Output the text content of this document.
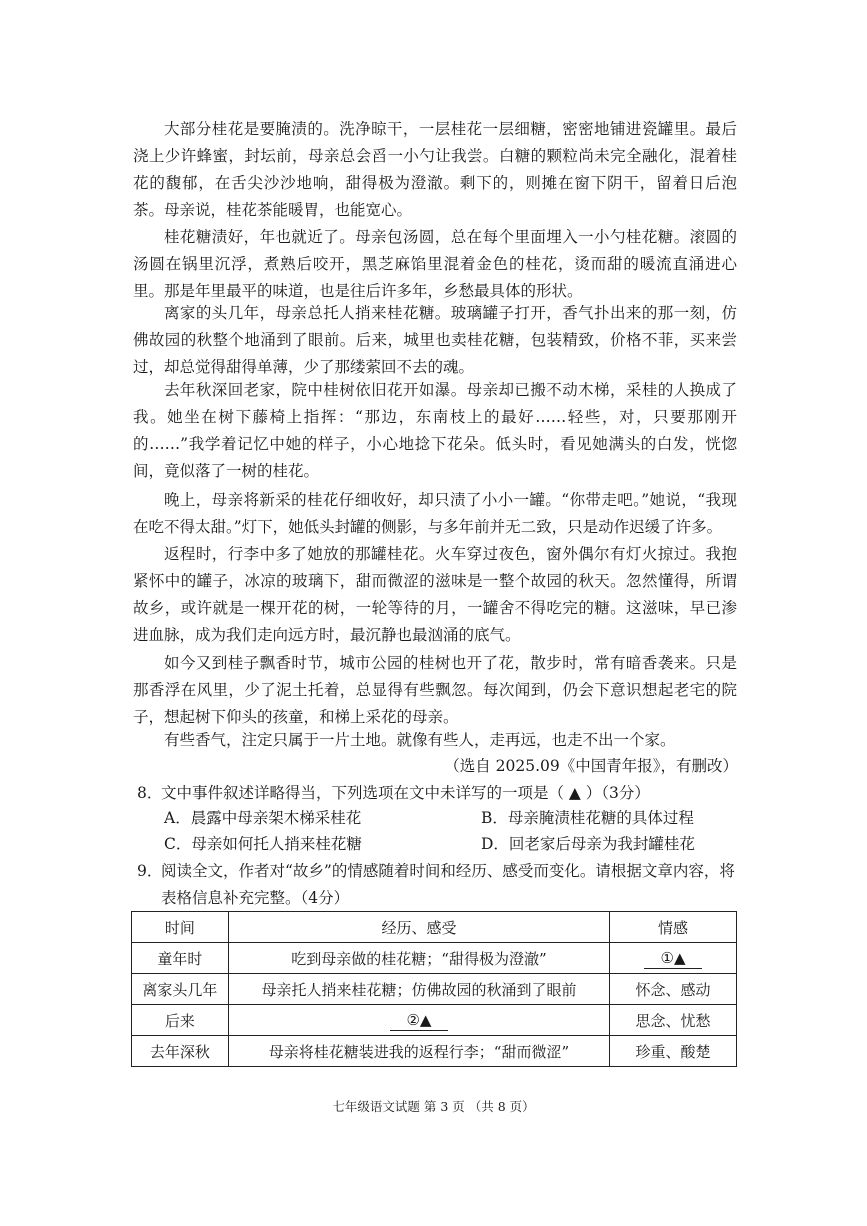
大部分桂花是要腌渍的。洗净晾干，一层桂花一层细糖，密密地铺进瓷罐里。最后浇上少许蜂蜜，封坛前，母亲总会舀一小勺让我尝。白糖的颗粒尚未完全融化，混着桂花的馥郁，在舌尖沙沙地响，甜得极为澄澈。剩下的，则摊在窗下阴干，留着日后泡茶。母亲说，桂花茶能暖胃，也能宽心。

桂花糖渍好，年也就近了。母亲包汤圆，总在每个里面埋入一小勺桂花糖。滚圆的汤圆在锅里沉浮，煮熟后咬开，黑芝麻馅里混着金色的桂花，烫而甜的暖流直涌进心里。那是年里最平的味道，也是往后许多年，乡愁最具体的形状。

离家的头几年，母亲总托人捎来桂花糖。玻璃罐子打开，香气扑出来的那一刻，仿佛故园的秋整个地涌到了眼前。后来，城里也卖桂花糖，包装精致，价格不菲，买来尝过，却总觉得甜得单薄，少了那缕萦回不去的魂。

去年秋深回老家，院中桂树依旧花开如瀑。母亲却已搬不动木梯，采桂的人换成了我。她坐在树下藤椅上指挥：“那边，东南枝上的最好……轻些，对，只要那刚开的……”我学着记忆中她的样子，小心地捻下花朵。低头时，看见她满头的白发，恍惚间，竟似落了一树的桂花。

晚上，母亲将新采的桂花仔细收好，却只渍了小小一罐。“你带走吧。”她说，“我现在吃不得太甜。”灯下，她低头封罐的侧影，与多年前并无二致，只是动作迟缓了许多。

返程时，行李中多了她放的那罐桂花。火车穿过夜色，窗外偶尔有灯火掠过。我抱紧怀中的罐子，冰凉的玻璃下，甜而微涩的滋味是一整个故园的秋天。忽然懂得，所谓故乡，或许就是一棵开花的树，一轮等待的月，一罐舍不得吃完的糖。这滋味，早已渗进血脉，成为我们走向远方时，最沉静也最汹涌的底气。

如今又到桂子飘香时节，城市公园的桂树也开了花，散步时，常有暗香袭来。只是那香浮在风里，少了泥土托着，总显得有些飘忽。每次闻到，仍会下意识想起老宅的院子，想起树下仰头的孩童，和梯上采花的母亲。

有些香气，注定只属于一片土地。就像有些人，走再远，也走不出一个家。

（选自 2025.09《中国青年报》，有删改）
8．文中事件叙述详略得当，下列选项在文中未详写的一项是（ ▲ ）（3分）
A．晨露中母亲架木梯采桂花	B．母亲腌渍桂花糖的具体过程
C．母亲如何托人捎来桂花糖	D．回老家后母亲为我封罐桂花
9．
阅读全文，作者对“故乡”的情感随着时间和经历、感受而变化。请根据文章内容，将表格信息补充完整。（4分）
时间	经历、感受	情感
童年时	吃到母亲做的桂花糖；“甜得极为澄澈”	①▲
离家头几年	母亲托人捎来桂花糖；仿佛故园的秋涌到了眼前	怀念、感动
后来	②▲	思念、忧愁
去年深秋	母亲将桂花糖装进我的返程行李；“甜而微涩”	珍重、酸楚
七年级语文试题 第 3 页 （共 8 页）
